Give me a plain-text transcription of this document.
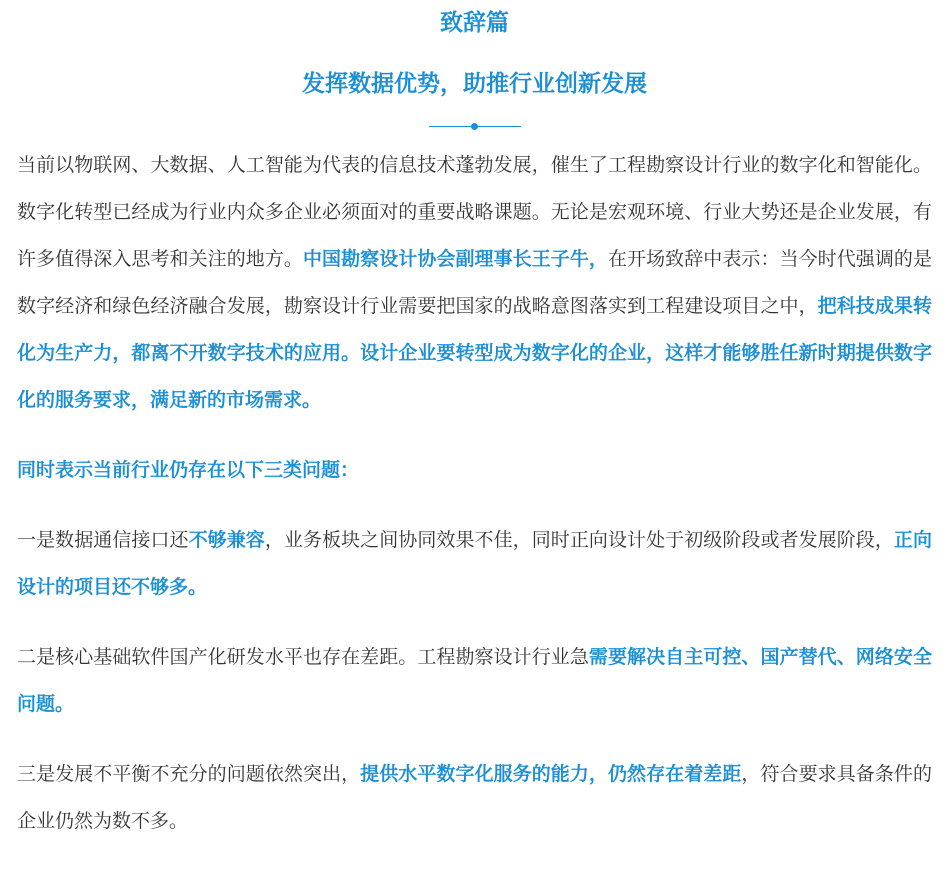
致辞篇
发挥数据优势，助推行业创新发展

当前以物联网、大数据、人工智能为代表的信息技术蓬勃发展，催生了工程勘察设计行业的数字化和智能化。数字化转型已经成为行业内众多企业必须面对的重要战略课题。无论是宏观环境、行业大势还是企业发展，有许多值得深入思考和关注的地方。中国勘察设计协会副理事长王子牛，在开场致辞中表示：当今时代强调的是数字经济和绿色经济融合发展，勘察设计行业需要把国家的战略意图落实到工程建设项目之中，把科技成果转化为生产力，都离不开数字技术的应用。设计企业要转型成为数字化的企业，这样才能够胜任新时期提供数字化的服务要求，满足新的市场需求。

同时表示当前行业仍存在以下三类问题：

一是数据通信接口还不够兼容，业务板块之间协同效果不佳，同时正向设计处于初级阶段或者发展阶段，正向设计的项目还不够多。

二是核心基础软件国产化研发水平也存在差距。工程勘察设计行业急需要解决自主可控、国产替代、网络安全问题。

三是发展不平衡不充分的问题依然突出，提供水平数字化服务的能力，仍然存在着差距，符合要求具备条件的企业仍然为数不多。
